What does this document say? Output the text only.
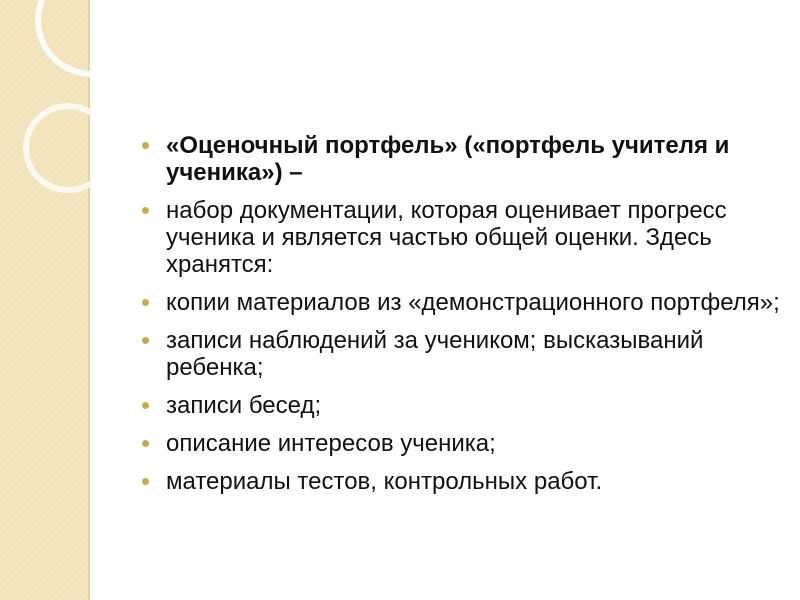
«Оценочный портфель» («портфель учителя и ученика») –
набор документации, которая оценивает прогресс ученика и является частью общей оценки. Здесь хранятся:
копии материалов из «демонстрационного портфеля»;
записи наблюдений за учеником; высказываний ребенка;
записи бесед;
описание интересов ученика;
материалы тестов, контрольных работ.
